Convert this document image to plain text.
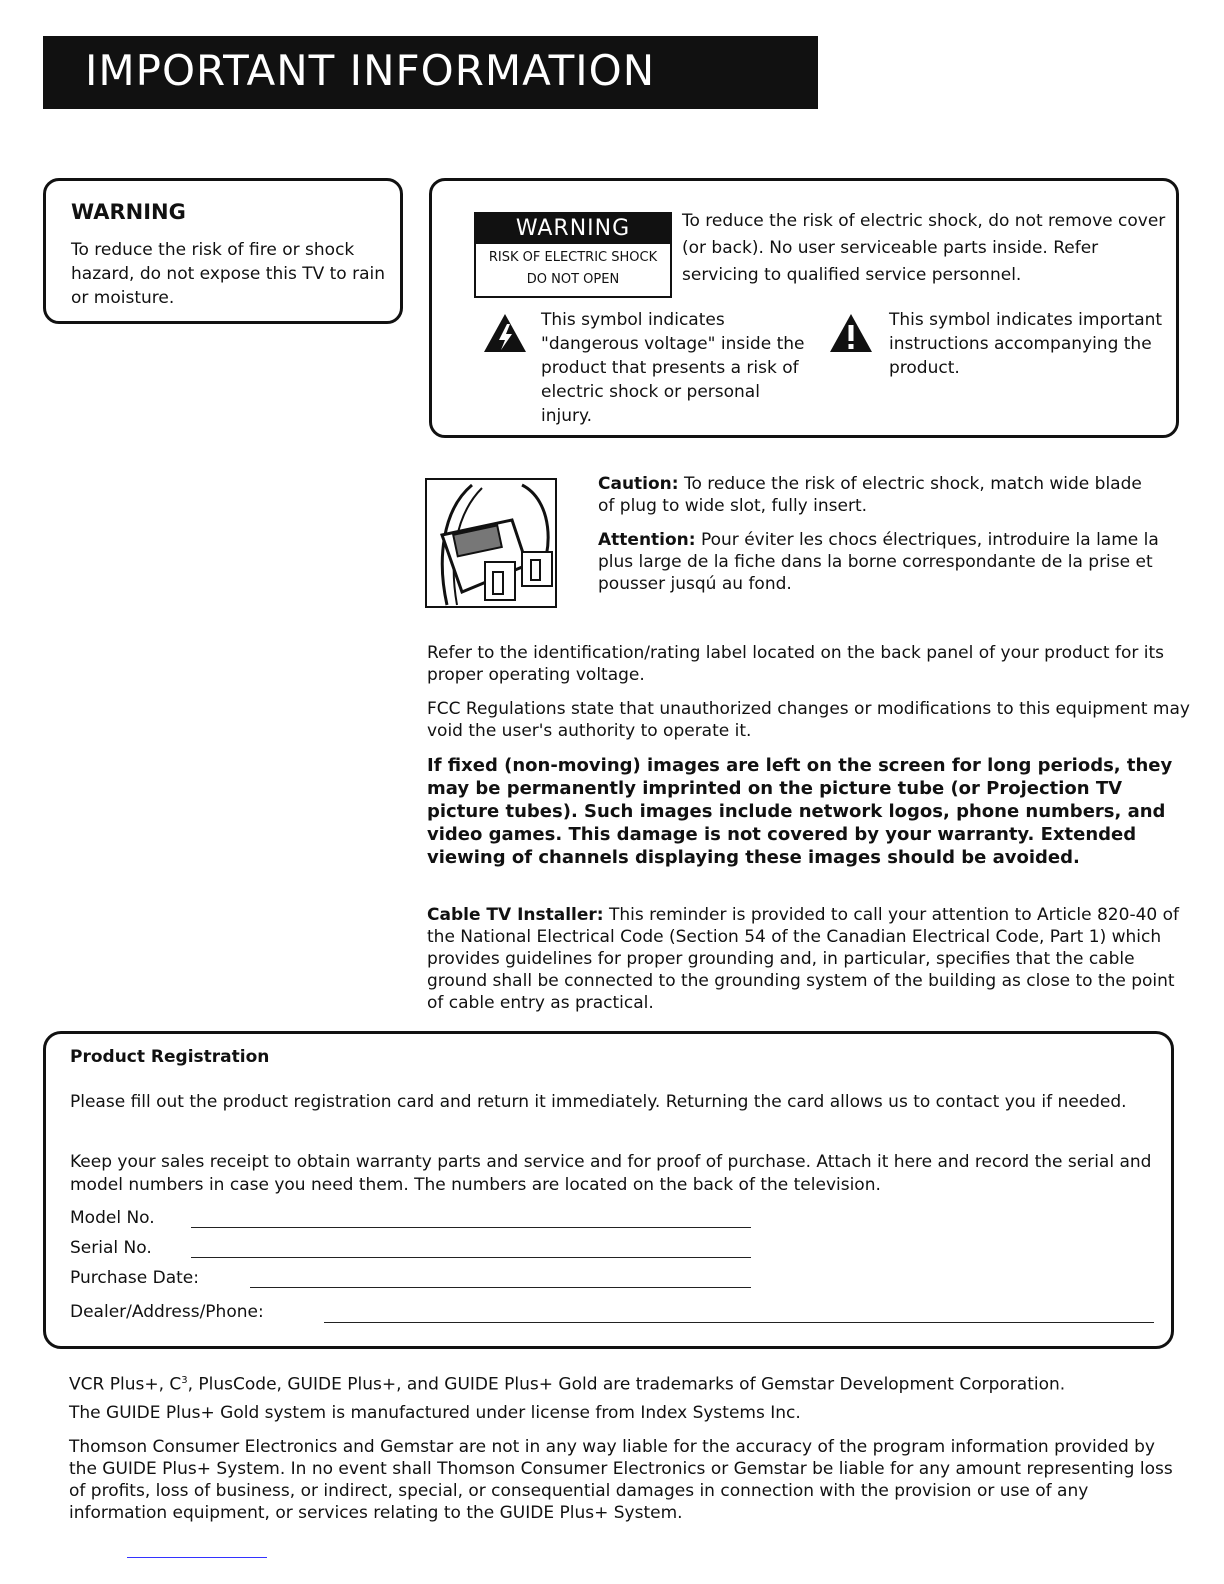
IMPORTANT INFORMATION
WARNING

To reduce the risk of fire or shock hazard, do not expose this TV to rain or moisture.

WARNING
RISK OF ELECTRIC SHOCK
DO NOT OPEN

To reduce the risk of electric shock, do not remove cover (or back). No user serviceable parts inside. Refer servicing to qualified service personnel.

This symbol indicates "dangerous voltage" inside the product that presents a risk of electric shock or personal injury.

This symbol indicates important instructions accompanying the product.

Caution: To reduce the risk of electric shock, match wide blade of plug to wide slot, fully insert.

Attention: Pour éviter les chocs électriques, introduire la lame la plus large de la fiche dans la borne correspondante de la prise et pousser jusqú au fond.

Refer to the identification/rating label located on the back panel of your product for its proper operating voltage.

FCC Regulations state that unauthorized changes or modifications to this equipment may void the user's authority to operate it.

If fixed (non-moving) images are left on the screen for long periods, they may be permanently imprinted on the picture tube (or Projection TV picture tubes). Such images include network logos, phone numbers, and video games. This damage is not covered by your warranty. Extended viewing of channels displaying these images should be avoided.

Cable TV Installer: This reminder is provided to call your attention to Article 820-40 of the National Electrical Code (Section 54 of the Canadian Electrical Code, Part 1) which provides guidelines for proper grounding and, in particular, specifies that the cable ground shall be connected to the grounding system of the building as close to the point of cable entry as practical.

Product Registration

Please fill out the product registration card and return it immediately. Returning the card allows us to contact you if needed.

Keep your sales receipt to obtain warranty parts and service and for proof of purchase. Attach it here and record the serial and model numbers in case you need them. The numbers are located on the back of the television.

Model No.
Serial No.
Purchase Date:
Dealer/Address/Phone:

VCR Plus+, $C^3$, PlusCode, GUIDE Plus+, and GUIDE Plus+ Gold are trademarks of Gemstar Development Corporation.

The GUIDE Plus+ Gold system is manufactured under license from Index Systems Inc.

Thomson Consumer Electronics and Gemstar are not in any way liable for the accuracy of the program information provided by the GUIDE Plus+ System. In no event shall Thomson Consumer Electronics or Gemstar be liable for any amount representing loss of profits, loss of business, or indirect, special, or consequential damages in connection with the provision or use of any information equipment, or services relating to the GUIDE Plus+ System.
